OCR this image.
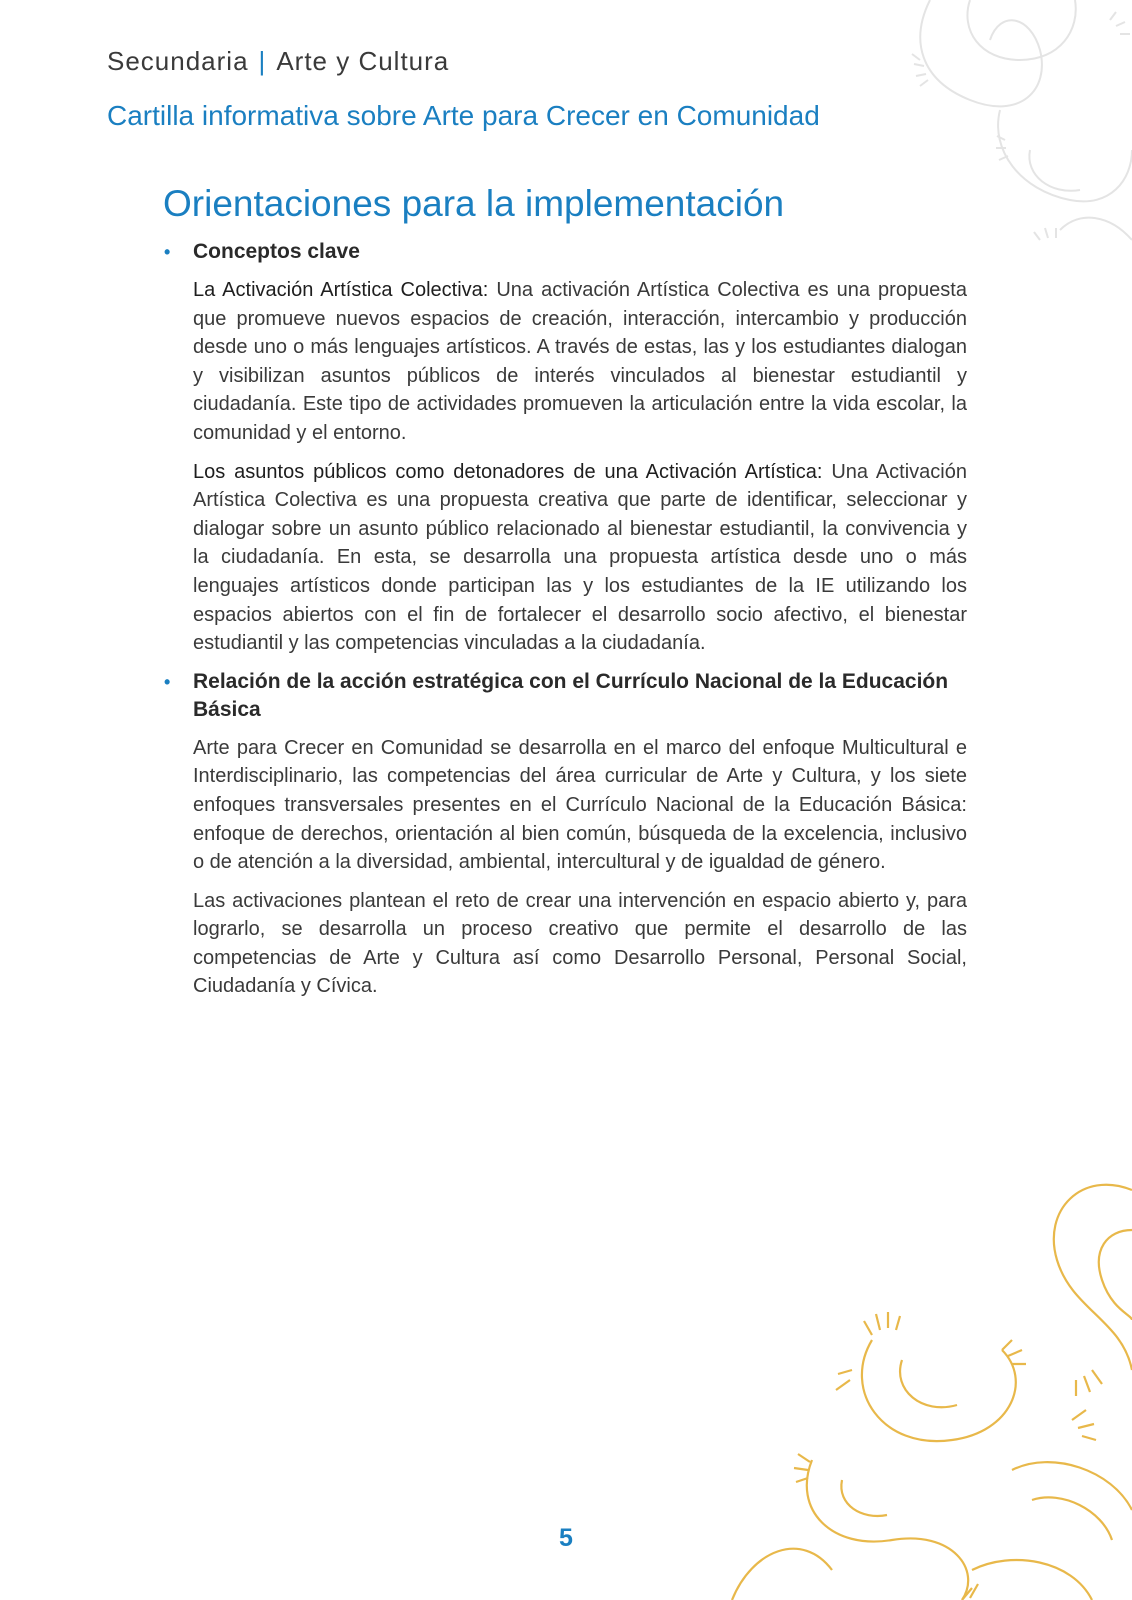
Secundaria | Arte y Cultura
Cartilla informativa sobre Arte para Crecer en Comunidad
Orientaciones para la implementación
• Conceptos clave

La Activación Artística Colectiva: Una activación Artística Colectiva es una propuesta que promueve nuevos espacios de creación, interacción, intercambio y producción desde uno o más lenguajes artísticos. A través de estas, las y los estudiantes dialogan y visibilizan asuntos públicos de interés vinculados al bienestar estudiantil y ciudadanía. Este tipo de actividades promueven la articulación entre la vida escolar, la comunidad y el entorno.

Los asuntos públicos como detonadores de una Activación Artística: Una Activación Artística Colectiva es una propuesta creativa que parte de identificar, seleccionar y dialogar sobre un asunto público relacionado al bienestar estudiantil, la convivencia y la ciudadanía. En esta, se desarrolla una propuesta artística desde uno o más lenguajes artísticos donde participan las y los estudiantes de la IE utilizando los espacios abiertos con el fin de fortalecer el desarrollo socio afectivo, el bienestar estudiantil y las competencias vinculadas a la ciudadanía.

• Relación de la acción estratégica con el Currículo Nacional de la Educación Básica

Arte para Crecer en Comunidad se desarrolla en el marco del enfoque Multicultural e Interdisciplinario, las competencias del área curricular de Arte y Cultura, y los siete enfoques transversales presentes en el Currículo Nacional de la Educación Básica: enfoque de derechos, orientación al bien común, búsqueda de la excelencia, inclusivo o de atención a la diversidad, ambiental, intercultural y de igualdad de género.

Las activaciones plantean el reto de crear una intervención en espacio abierto y, para lograrlo, se desarrolla un proceso creativo que permite el desarrollo de las competencias de Arte y Cultura así como Desarrollo Personal, Personal Social, Ciudadanía y Cívica.

5
